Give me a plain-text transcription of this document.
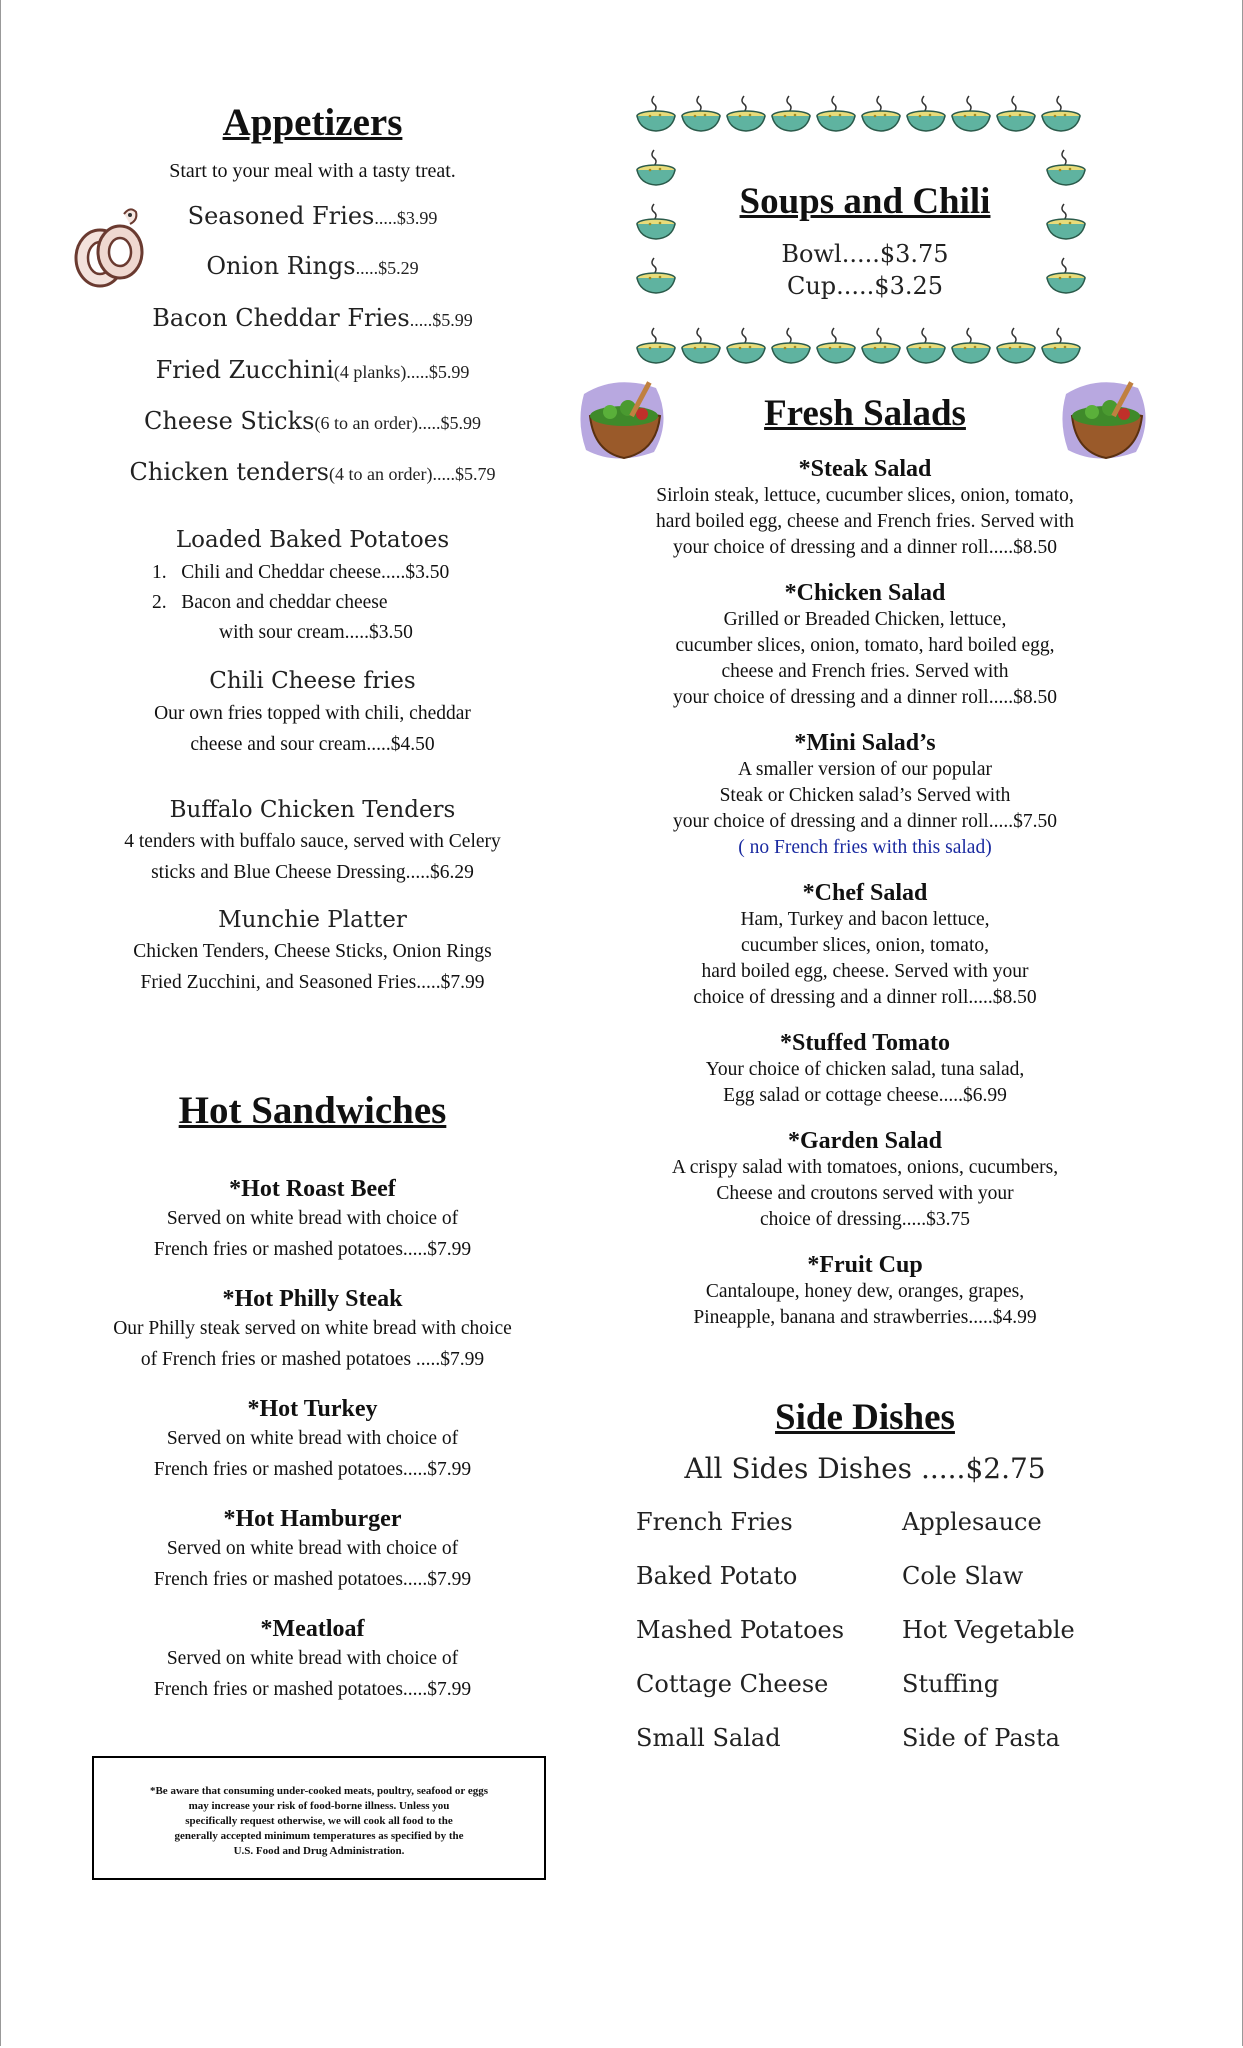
Appetizers
Start to your meal with a tasty treat.
Seasoned Fries.....$3.99
Onion Rings.....$5.29
Bacon Cheddar Fries.....$5.99
Fried Zucchini(4 planks).....$5.99
Cheese Sticks(6 to an order).....$5.99
Chicken tenders(4 to an order).....$5.79
Loaded Baked Potatoes
1.   Chili and Cheddar cheese.....$3.50
2.   Bacon and cheddar cheese
with sour cream.....$3.50
Chili Cheese fries
Our own fries topped with chili, cheddar
cheese and sour cream.....$4.50
Buffalo Chicken Tenders
4 tenders with buffalo sauce, served with Celery
sticks and Blue Cheese Dressing.....$6.29
Munchie Platter
Chicken Tenders, Cheese Sticks, Onion Rings
Fried Zucchini, and Seasoned Fries.....$7.99
Hot Sandwiches
*Hot Roast Beef
Served on white bread with choice of
French fries or mashed potatoes.....$7.99
*Hot Philly Steak
Our Philly steak served on white bread with choice
of French fries or mashed potatoes .....$7.99
*Hot Turkey
Served on white bread with choice of
French fries or mashed potatoes.....$7.99
*Hot Hamburger
Served on white bread with choice of
French fries or mashed potatoes.....$7.99
*Meatloaf
Served on white bread with choice of
French fries or mashed potatoes.....$7.99
*Be aware that consuming under-cooked meats, poultry, seafood or eggs
may increase your risk of food-borne illness. Unless you
specifically request otherwise, we will cook all food to the
generally accepted minimum temperatures as specified by the
U.S. Food and Drug Administration.
Soups and Chili
Bowl.....$3.75
Cup.....$3.25
Fresh Salads
*Steak Salad
Sirloin steak, lettuce, cucumber slices, onion, tomato,
hard boiled egg, cheese and French fries. Served with
your choice of dressing and a dinner roll.....$8.50
*Chicken Salad
Grilled or Breaded Chicken, lettuce,
cucumber slices, onion, tomato, hard boiled egg,
cheese and French fries. Served with
your choice of dressing and a dinner roll.....$8.50
*Mini Salad’s
A smaller version of our popular
Steak or Chicken salad’s Served with
your choice of dressing and a dinner roll.....$7.50
( no French fries with this salad)
*Chef Salad
Ham, Turkey and bacon lettuce,
cucumber slices, onion, tomato,
hard boiled egg, cheese. Served with your
choice of dressing and a dinner roll.....$8.50
*Stuffed Tomato
Your choice of chicken salad, tuna salad,
Egg salad or cottage cheese.....$6.99
*Garden Salad
A crispy salad with tomatoes, onions, cucumbers,
Cheese and croutons served with your
choice of dressing.....$3.75
*Fruit Cup
Cantaloupe, honey dew, oranges, grapes,
Pineapple, banana and strawberries.....$4.99
Side Dishes
All Sides Dishes .....$2.75
French Fries
Baked Potato
Mashed Potatoes
Cottage Cheese
Small Salad
Applesauce
Cole Slaw
Hot Vegetable
Stuffing
Side of Pasta
